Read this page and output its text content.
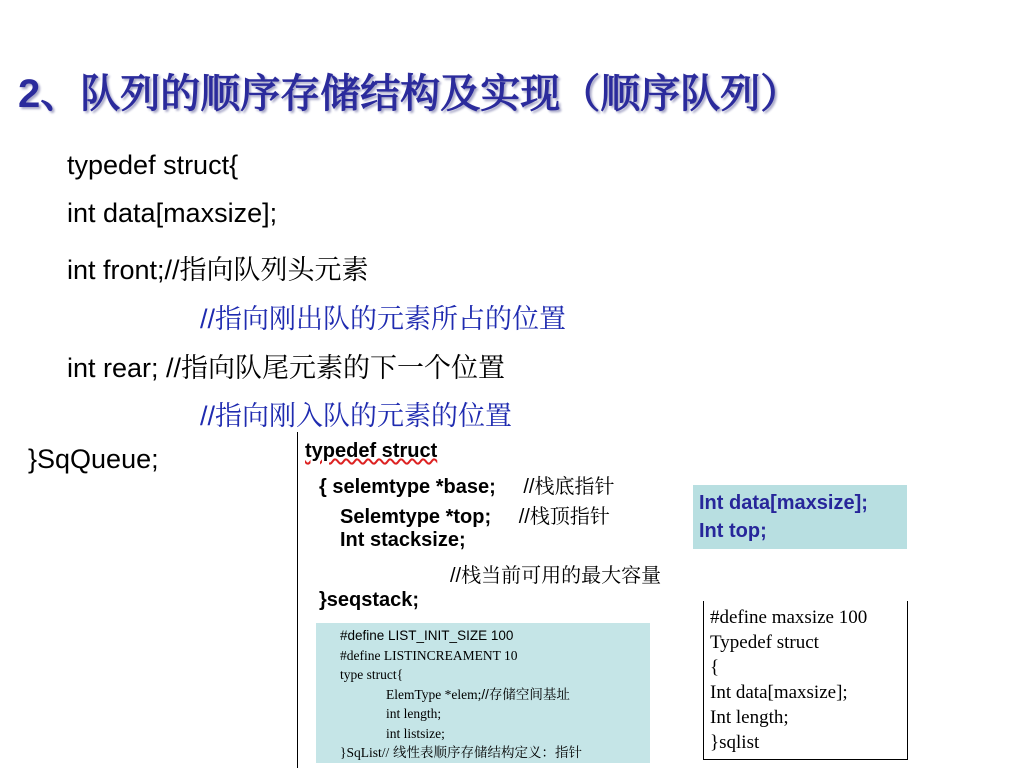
2、队列的顺序存储结构及实现（顺序队列）
typedef struct{
int data[maxsize];
int front;//指向队列头元素
//指向刚出队的元素所占的位置
int rear; //指向队尾元素的下一个位置
//指向刚入队的元素的位置
}SqQueue;	typedef struct
{ selemtype *base; //栈底指针
Selemtype *top; //栈顶指针
Int stacksize;
//栈当前可用的最大容量
}seqstack;
Int data[maxsize];
Int top;
#define LIST_INIT_SIZE 100
#define LISTINCREAMENT 10
type struct{
ElemType *elem;//存储空间基址
int length;
int listsize;
}SqList// 线性表顺序存储结构定义：指针
#define maxsize 100
Typedef struct
{
Int data[maxsize];
Int length;
}sqlist
